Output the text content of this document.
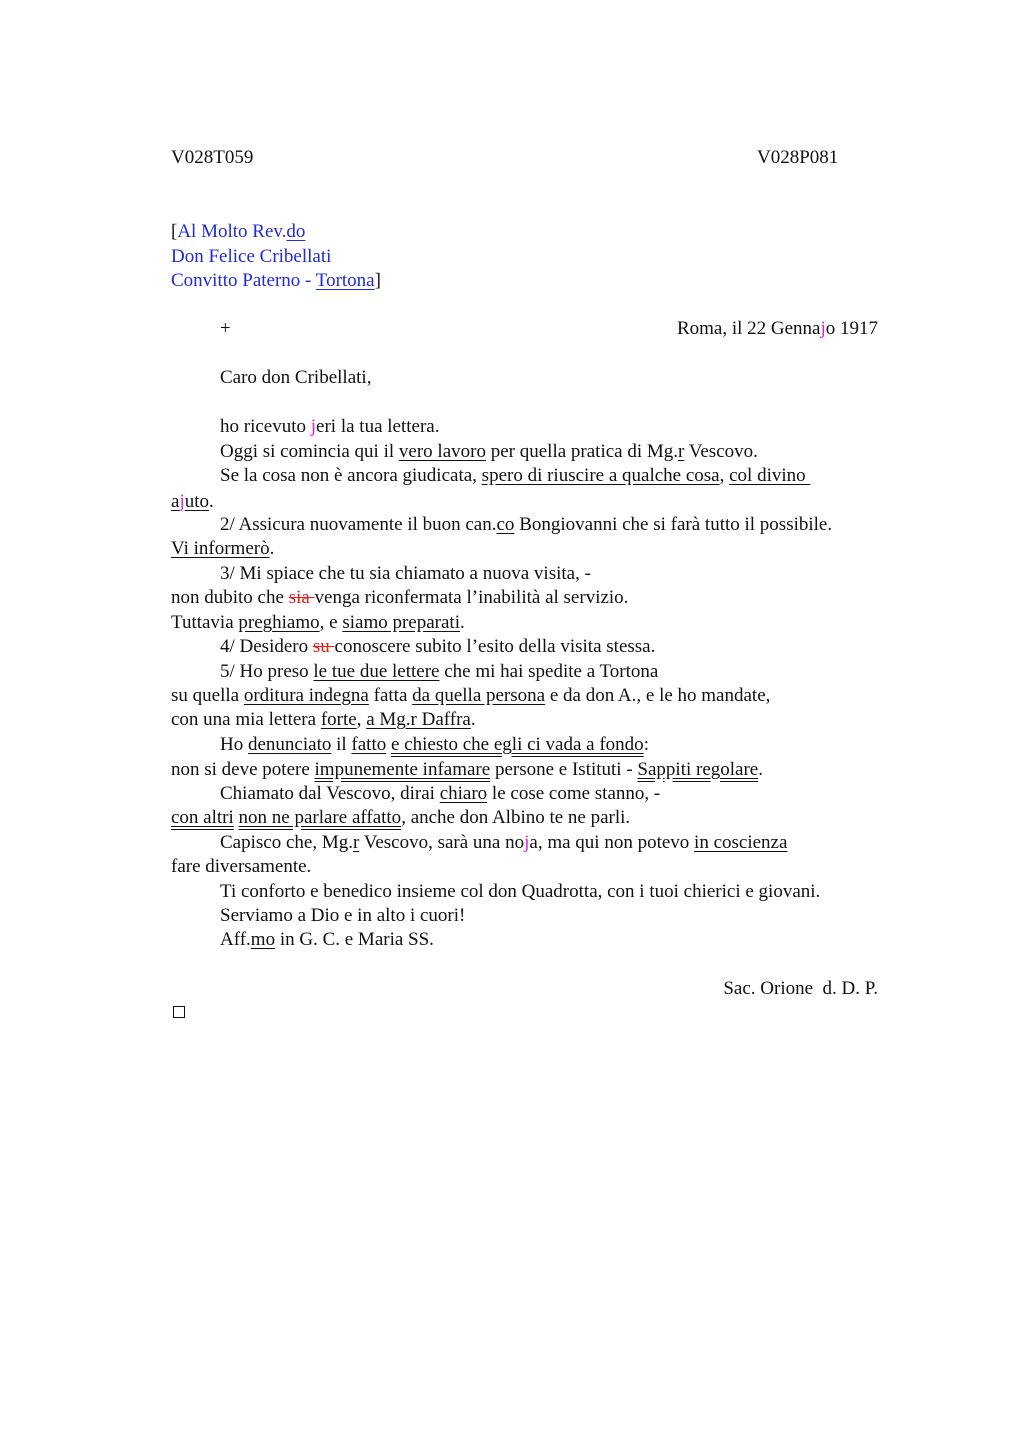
V028T059	V028P081
[Al Molto Rev.do
Don Felice Cribellati
Convitto Paterno - Tortona]
+	Roma, il 22 Gennajo 1917
Caro don Cribellati,
ho ricevuto jeri la tua lettera.
Oggi si comincia qui il vero lavoro per quella pratica di Mg.r Vescovo.
Se la cosa non è ancora giudicata, spero di riuscire a qualche cosa, col divino
ajuto.
2/ Assicura nuovamente il buon can.co Bongiovanni che si farà tutto il possibile.
Vi informerò.
3/ Mi spiace che tu sia chiamato a nuova visita, -
non dubito che sia venga riconfermata l’inabilità al servizio.
Tuttavia preghiamo, e siamo preparati.
4/ Desidero su conoscere subito l’esito della visita stessa.
5/ Ho preso le tue due lettere che mi hai spedite a Tortona
su quella orditura indegna fatta da quella persona e da don A., e le ho mandate,
con una mia lettera forte, a Mg.r Daffra.
Ho denunciato il fatto e chiesto che egli ci vada a fondo:
non si deve potere impunemente infamare persone e Istituti - Sappiti regolare.
Chiamato dal Vescovo, dirai chiaro le cose come stanno, -
con altri non ne parlare affatto, anche don Albino te ne parli.
Capisco che, Mg.r Vescovo, sarà una noja, ma qui non potevo in coscienza
fare diversamente.
Ti conforto e benedico insieme col don Quadrotta, con i tuoi chierici e giovani.
Serviamo a Dio e in alto i cuori!
Aff.mo in G. C. e Maria SS.
Sac. Orione  d. D. P.
